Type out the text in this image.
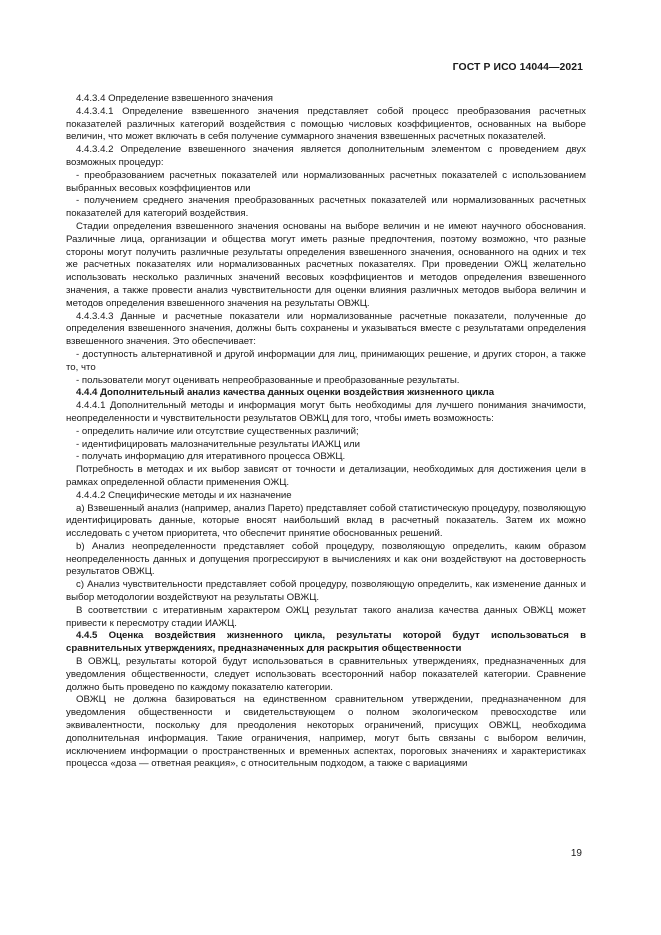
ГОСТ Р ИСО 14044—2021

4.4.3.4 Определение взвешенного значения

4.4.3.4.1 Определение взвешенного значения представляет собой процесс преобразования расчетных показателей различных категорий воздействия с помощью числовых коэффициентов, основанных на выборе величин, что может включать в себя получение суммарного значения взвешенных расчетных показателей.

4.4.3.4.2 Определение взвешенного значения является дополнительным элементом с проведением двух возможных процедур:

- преобразованием расчетных показателей или нормализованных расчетных показателей с использованием выбранных весовых коэффициентов или

- получением среднего значения преобразованных расчетных показателей или нормализованных расчетных показателей для категорий воздействия.

Стадии определения взвешенного значения основаны на выборе величин и не имеют научного обоснования. Различные лица, организации и общества могут иметь разные предпочтения, поэтому возможно, что разные стороны могут получить различные результаты определения взвешенного значения, основанного на одних и тех же расчетных показателях или нормализованных расчетных показателях. При проведении ОЖЦ желательно использовать несколько различных значений весовых коэффициентов и методов определения взвешенного значения, а также провести анализ чувствительности для оценки влияния различных методов выбора величин и методов определения взвешенного значения на результаты ОВЖЦ.

4.4.3.4.3 Данные и расчетные показатели или нормализованные расчетные показатели, полученные до определения взвешенного значения, должны быть сохранены и указываться вместе с результатами определения взвешенного значения. Это обеспечивает:

- доступность альтернативной и другой информации для лиц, принимающих решение, и других сторон, а также то, что

- пользователи могут оценивать непреобразованные и преобразованные результаты.

4.4.4 Дополнительный анализ качества данных оценки воздействия жизненного цикла

4.4.4.1 Дополнительный методы и информация могут быть необходимы для лучшего понимания значимости, неопределенности и чувствительности результатов ОВЖЦ для того, чтобы иметь возможность:

- определить наличие или отсутствие существенных различий;

- идентифицировать малозначительные результаты ИАЖЦ или

- получать информацию для итеративного процесса ОВЖЦ.

Потребность в методах и их выбор зависят от точности и детализации, необходимых для достижения цели в рамках определенной области применения ОЖЦ.

4.4.4.2 Специфические методы и их назначение

a) Взвешенный анализ (например, анализ Парето) представляет собой статистическую процедуру, позволяющую идентифицировать данные, которые вносят наибольший вклад в расчетный показатель. Затем их можно исследовать с учетом приоритета, что обеспечит принятие обоснованных решений.

b) Анализ неопределенности представляет собой процедуру, позволяющую определить, каким образом неопределенность данных и допущения прогрессируют в вычислениях и как они воздействуют на достоверность результатов ОВЖЦ.

c) Анализ чувствительности представляет собой процедуру, позволяющую определить, как изменение данных и выбор методологии воздействуют на результаты ОВЖЦ.

В соответствии с итеративным характером ОЖЦ результат такого анализа качества данных ОВЖЦ может привести к пересмотру стадии ИАЖЦ.

4.4.5 Оценка воздействия жизненного цикла, результаты которой будут использоваться в сравнительных утверждениях, предназначенных для раскрытия общественности

В ОВЖЦ, результаты которой будут использоваться в сравнительных утверждениях, предназначенных для уведомления общественности, следует использовать всесторонний набор показателей категории. Сравнение должно быть проведено по каждому показателю категории.

ОВЖЦ не должна базироваться на единственном сравнительном утверждении, предназначенном для уведомления общественности и свидетельствующем о полном экологическом превосходстве или эквивалентности, поскольку для преодоления некоторых ограничений, присущих ОВЖЦ, необходима дополнительная информация. Такие ограничения, например, могут быть связаны с выбором величин, исключением информации о пространственных и временных аспектах, пороговых значениях и характеристиках процесса «доза — ответная реакция», с относительным подходом, а также с вариациями

19
